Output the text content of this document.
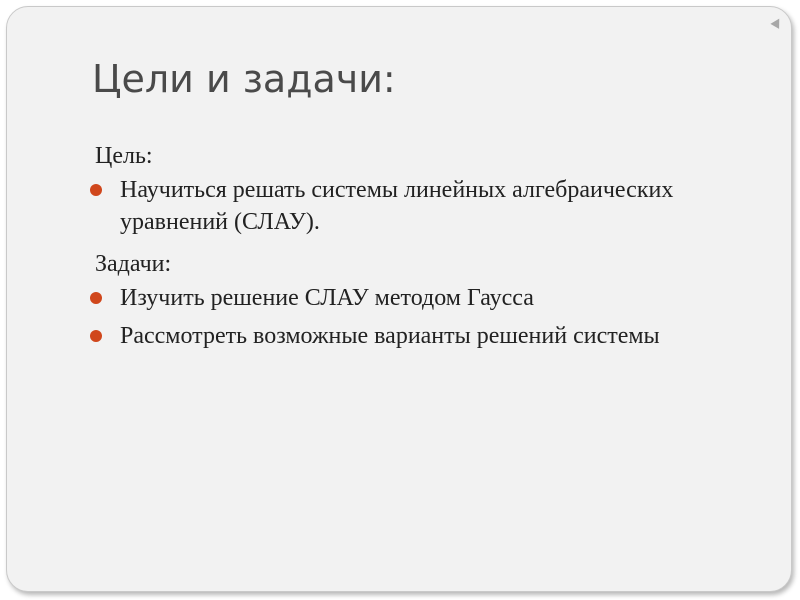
Цели и задачи:

Цель:

Научиться решать системы линейных алгебраических уравнений (СЛАУ).

Задачи:

Изучить решение СЛАУ методом Гаусса
Рассмотреть возможные варианты решений системы
